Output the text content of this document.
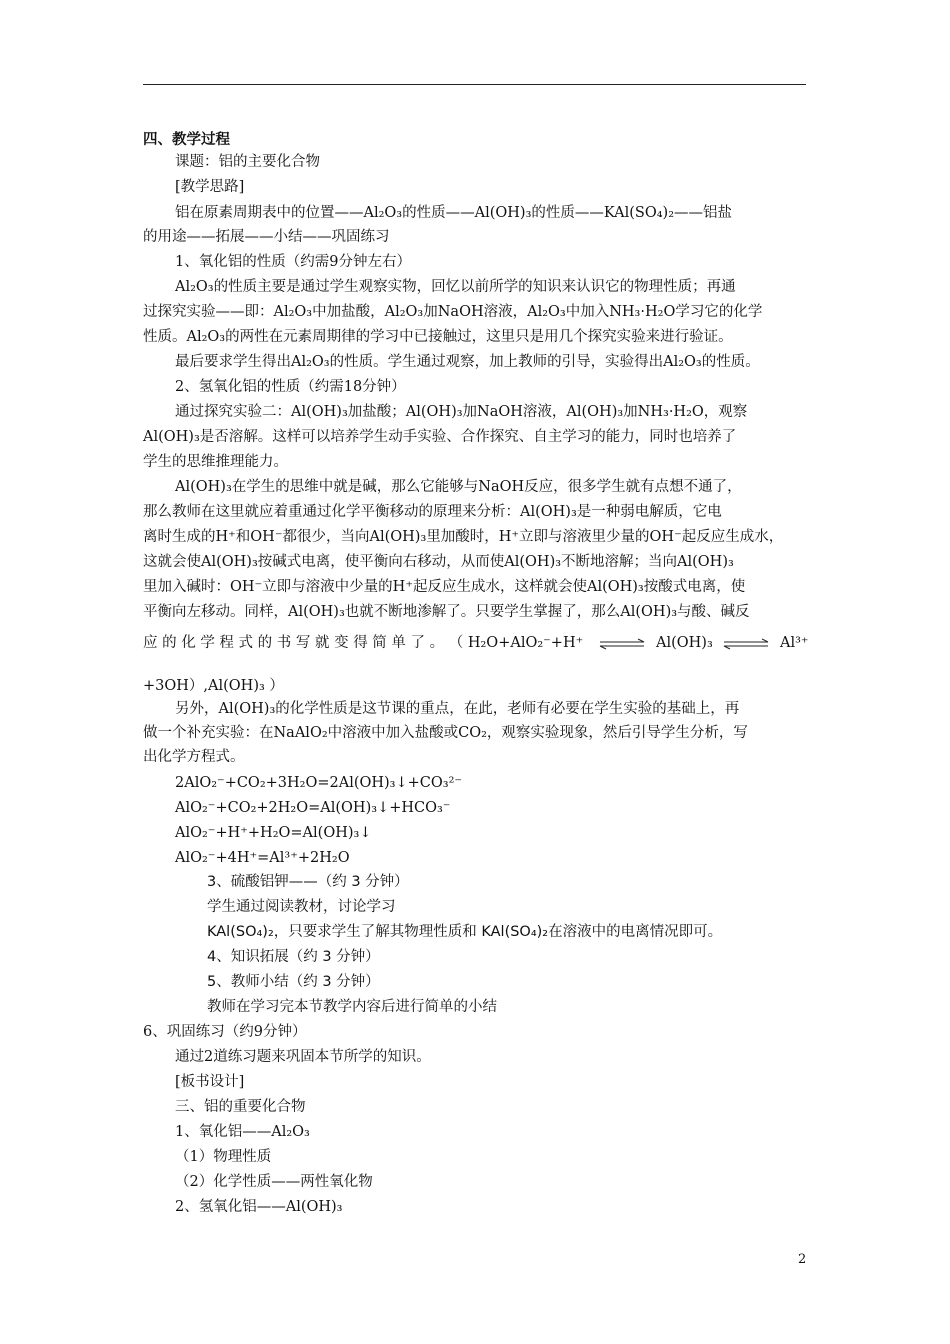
四、教学过程
课题：铝的主要化合物
[教学思路]
铝在原素周期表中的位置——Al₂O₃的性质——Al(OH)₃的性质——KAl(SO₄)₂——铝盐
的用途——拓展——小结——巩固练习
1、氧化铝的性质（约需9分钟左右）
Al₂O₃的性质主要是通过学生观察实物，回忆以前所学的知识来认识它的物理性质；再通
过探究实验——即：Al₂O₃中加盐酸，Al₂O₃加NaOH溶液，Al₂O₃中加入NH₃·H₂O学习它的化学
性质。Al₂O₃的两性在元素周期律的学习中已接触过，这里只是用几个探究实验来进行验证。
最后要求学生得出Al₂O₃的性质。学生通过观察，加上教师的引导，实验得出Al₂O₃的性质。
2、氢氧化铝的性质（约需18分钟）
通过探究实验二：Al(OH)₃加盐酸；Al(OH)₃加NaOH溶液，Al(OH)₃加NH₃·H₂O，观察
Al(OH)₃是否溶解。这样可以培养学生动手实验、合作探究、自主学习的能力，同时也培养了
学生的思维推理能力。
Al(OH)₃在学生的思维中就是碱，那么它能够与NaOH反应，很多学生就有点想不通了，
那么教师在这里就应着重通过化学平衡移动的原理来分析：Al(OH)₃是一种弱电解质，它电
离时生成的H⁺和OH⁻都很少，当向Al(OH)₃里加酸时，H⁺立即与溶液里少量的OH⁻起反应生成水，
这就会使Al(OH)₃按碱式电离，使平衡向右移动，从而使Al(OH)₃不断地溶解；当向Al(OH)₃
里加入碱时：OH⁻立即与溶液中少量的H⁺起反应生成水，这样就会使Al(OH)₃按酸式电离，使
平衡向左移动。同样，Al(OH)₃也就不断地渗解了。只要学生掌握了，那么Al(OH)₃与酸、碱反
应 的 化 学 程 式 的 书 写 就 变 得 简 单 了 。 （ H₂O+AlO₂⁻+H⁺ ⇌ Al(OH)₃ ⇌ Al³⁺
+3OH）,Al(OH)₃ ）
另外，Al(OH)₃的化学性质是这节课的重点，在此，老师有必要在学生实验的基础上，再
做一个补充实验：在NaAlO₂中溶液中加入盐酸或CO₂，观察实验现象，然后引导学生分析，写
出化学方程式。
2AlO₂⁻+CO₂+3H₂O=2Al(OH)₃↓+CO₃²⁻
AlO₂⁻+CO₂+2H₂O=Al(OH)₃↓+HCO₃⁻
AlO₂⁻+H⁺+H₂O=Al(OH)₃↓
AlO₂⁻+4H⁺=Al³⁺+2H₂O
3、硫酸铝钾——（约 3 分钟）
学生通过阅读教材，讨论学习
KAl(SO₄)₂，只要求学生了解其物理性质和 KAl(SO₄)₂在溶液中的电离情况即可。
4、知识拓展（约 3 分钟）
5、教师小结（约 3 分钟）
教师在学习完本节教学内容后进行简单的小结
6、巩固练习（约9分钟）
通过2道练习题来巩固本节所学的知识。
[板书设计]
三、铝的重要化合物
1、氧化铝——Al₂O₃
（1）物理性质
（2）化学性质——两性氧化物
2、氢氧化铝——Al(OH)₃
2
